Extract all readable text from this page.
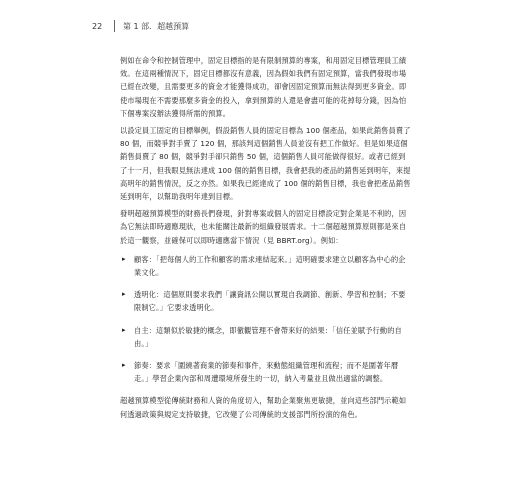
22	第 1 部．超越預算

例如在命令和控制管理中，固定目標指的是有限制預算的專案，和用固定目標管理員工績效。在這兩種情況下，固定目標都沒有意義，因為假如我們有固定預算，當我們發現市場已經在改變，且需要更多的資金才能獲得成功，卻會因固定預算而無法得到更多資金。即使市場現在不需要那麼多資金的投入，拿到預算的人還是會盡可能的花掉每分錢，因為怕下個專案沒辦法獲得所需的預算。

以設定員工固定的目標舉例，假設銷售人員的固定目標為 100 個產品，如果此銷售員賣了 80 個，而競爭對手賣了 120 個，那該判這個銷售人員並沒有把工作做好。但是如果這個銷售員賣了 80 個，競爭對手卻只銷售 50 個，這個銷售人員可能做得很好。或者已經到了十一月，但我眼見無法達成 100 個的銷售目標，我會把我的產品的銷售延到明年，來提高明年的銷售情況，反之亦然。如果我已經達成了 100 個的銷售目標，我也會把產品銷售延到明年，以幫助我明年達到目標。

發明超越預算模型的財務長們發現，針對專案或個人的固定目標設定對企業是不利的，因為它無法即時適應現狀，也未能關注最新的組織發展需求。十二個超越預算原則都是來自於這一觀察，並確保可以即時適應當下情況（見 BBRT.org）。例如：

▸ 顧客：「把每個人的工作和顧客的需求連結起來。」這明確要求建立以顧客為中心的企業文化。
▸ 透明化：這個原則要求我們「讓資訊公開以實現自我調節、創新、學習和控制；不要限制它。」它要求透明化。
▸ 自主：這類似於敏捷的概念，即徹觀管理不會帶來好的結果：「信任並賦予行動的自由。」
▸ 節奏：要求「圍繞著商業的節奏和事件，來動態組織管理和流程；而不是圍著年曆走。」學習企業內部和周遭環境所發生的一切，納入考量並且做出適當的調整。

超越預算模型從傳統財務和人資的角度切入，幫助企業聚焦更敏捷，並向這些部門示範如何透過政策與規定支持敏捷，它改變了公司傳統的支援部門所扮演的角色。
